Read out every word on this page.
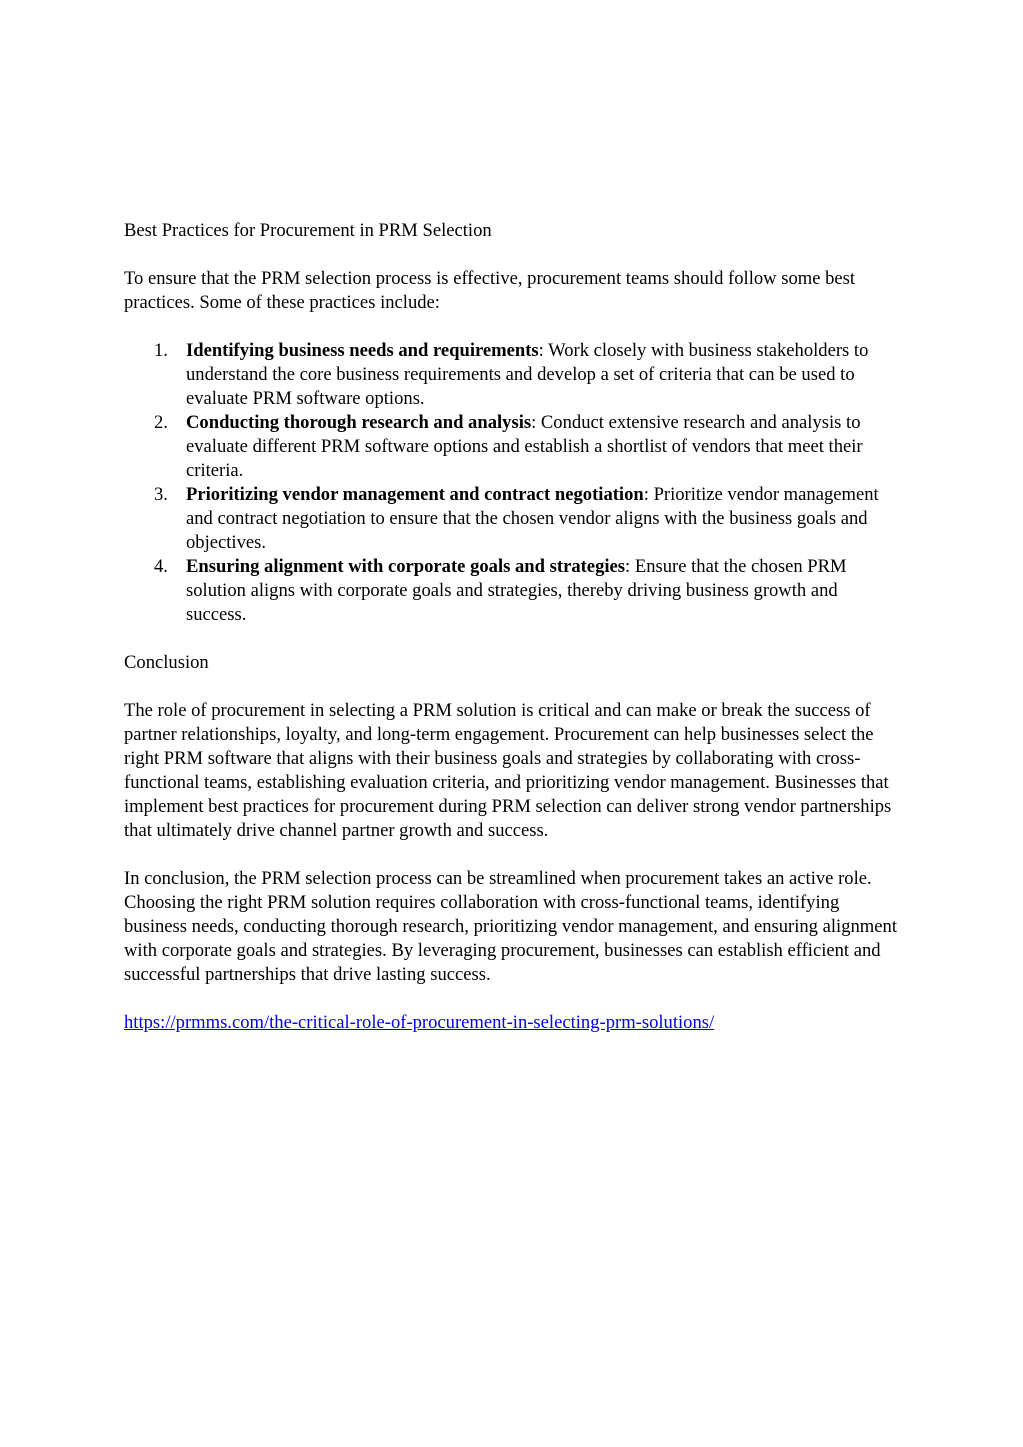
Best Practices for Procurement in PRM Selection

To ensure that the PRM selection process is effective, procurement teams should follow some best practices. Some of these practices include:

1. Identifying business needs and requirements: Work closely with business stakeholders to understand the core business requirements and develop a set of criteria that can be used to evaluate PRM software options.
2. Conducting thorough research and analysis: Conduct extensive research and analysis to evaluate different PRM software options and establish a shortlist of vendors that meet their criteria.
3. Prioritizing vendor management and contract negotiation: Prioritize vendor management and contract negotiation to ensure that the chosen vendor aligns with the business goals and objectives.
4. Ensuring alignment with corporate goals and strategies: Ensure that the chosen PRM solution aligns with corporate goals and strategies, thereby driving business growth and success.

Conclusion

The role of procurement in selecting a PRM solution is critical and can make or break the success of partner relationships, loyalty, and long-term engagement. Procurement can help businesses select the right PRM software that aligns with their business goals and strategies by collaborating with cross-functional teams, establishing evaluation criteria, and prioritizing vendor management. Businesses that implement best practices for procurement during PRM selection can deliver strong vendor partnerships that ultimately drive channel partner growth and success.

In conclusion, the PRM selection process can be streamlined when procurement takes an active role. Choosing the right PRM solution requires collaboration with cross-functional teams, identifying business needs, conducting thorough research, prioritizing vendor management, and ensuring alignment with corporate goals and strategies. By leveraging procurement, businesses can establish efficient and successful partnerships that drive lasting success.

https://prmms.com/the-critical-role-of-procurement-in-selecting-prm-solutions/
